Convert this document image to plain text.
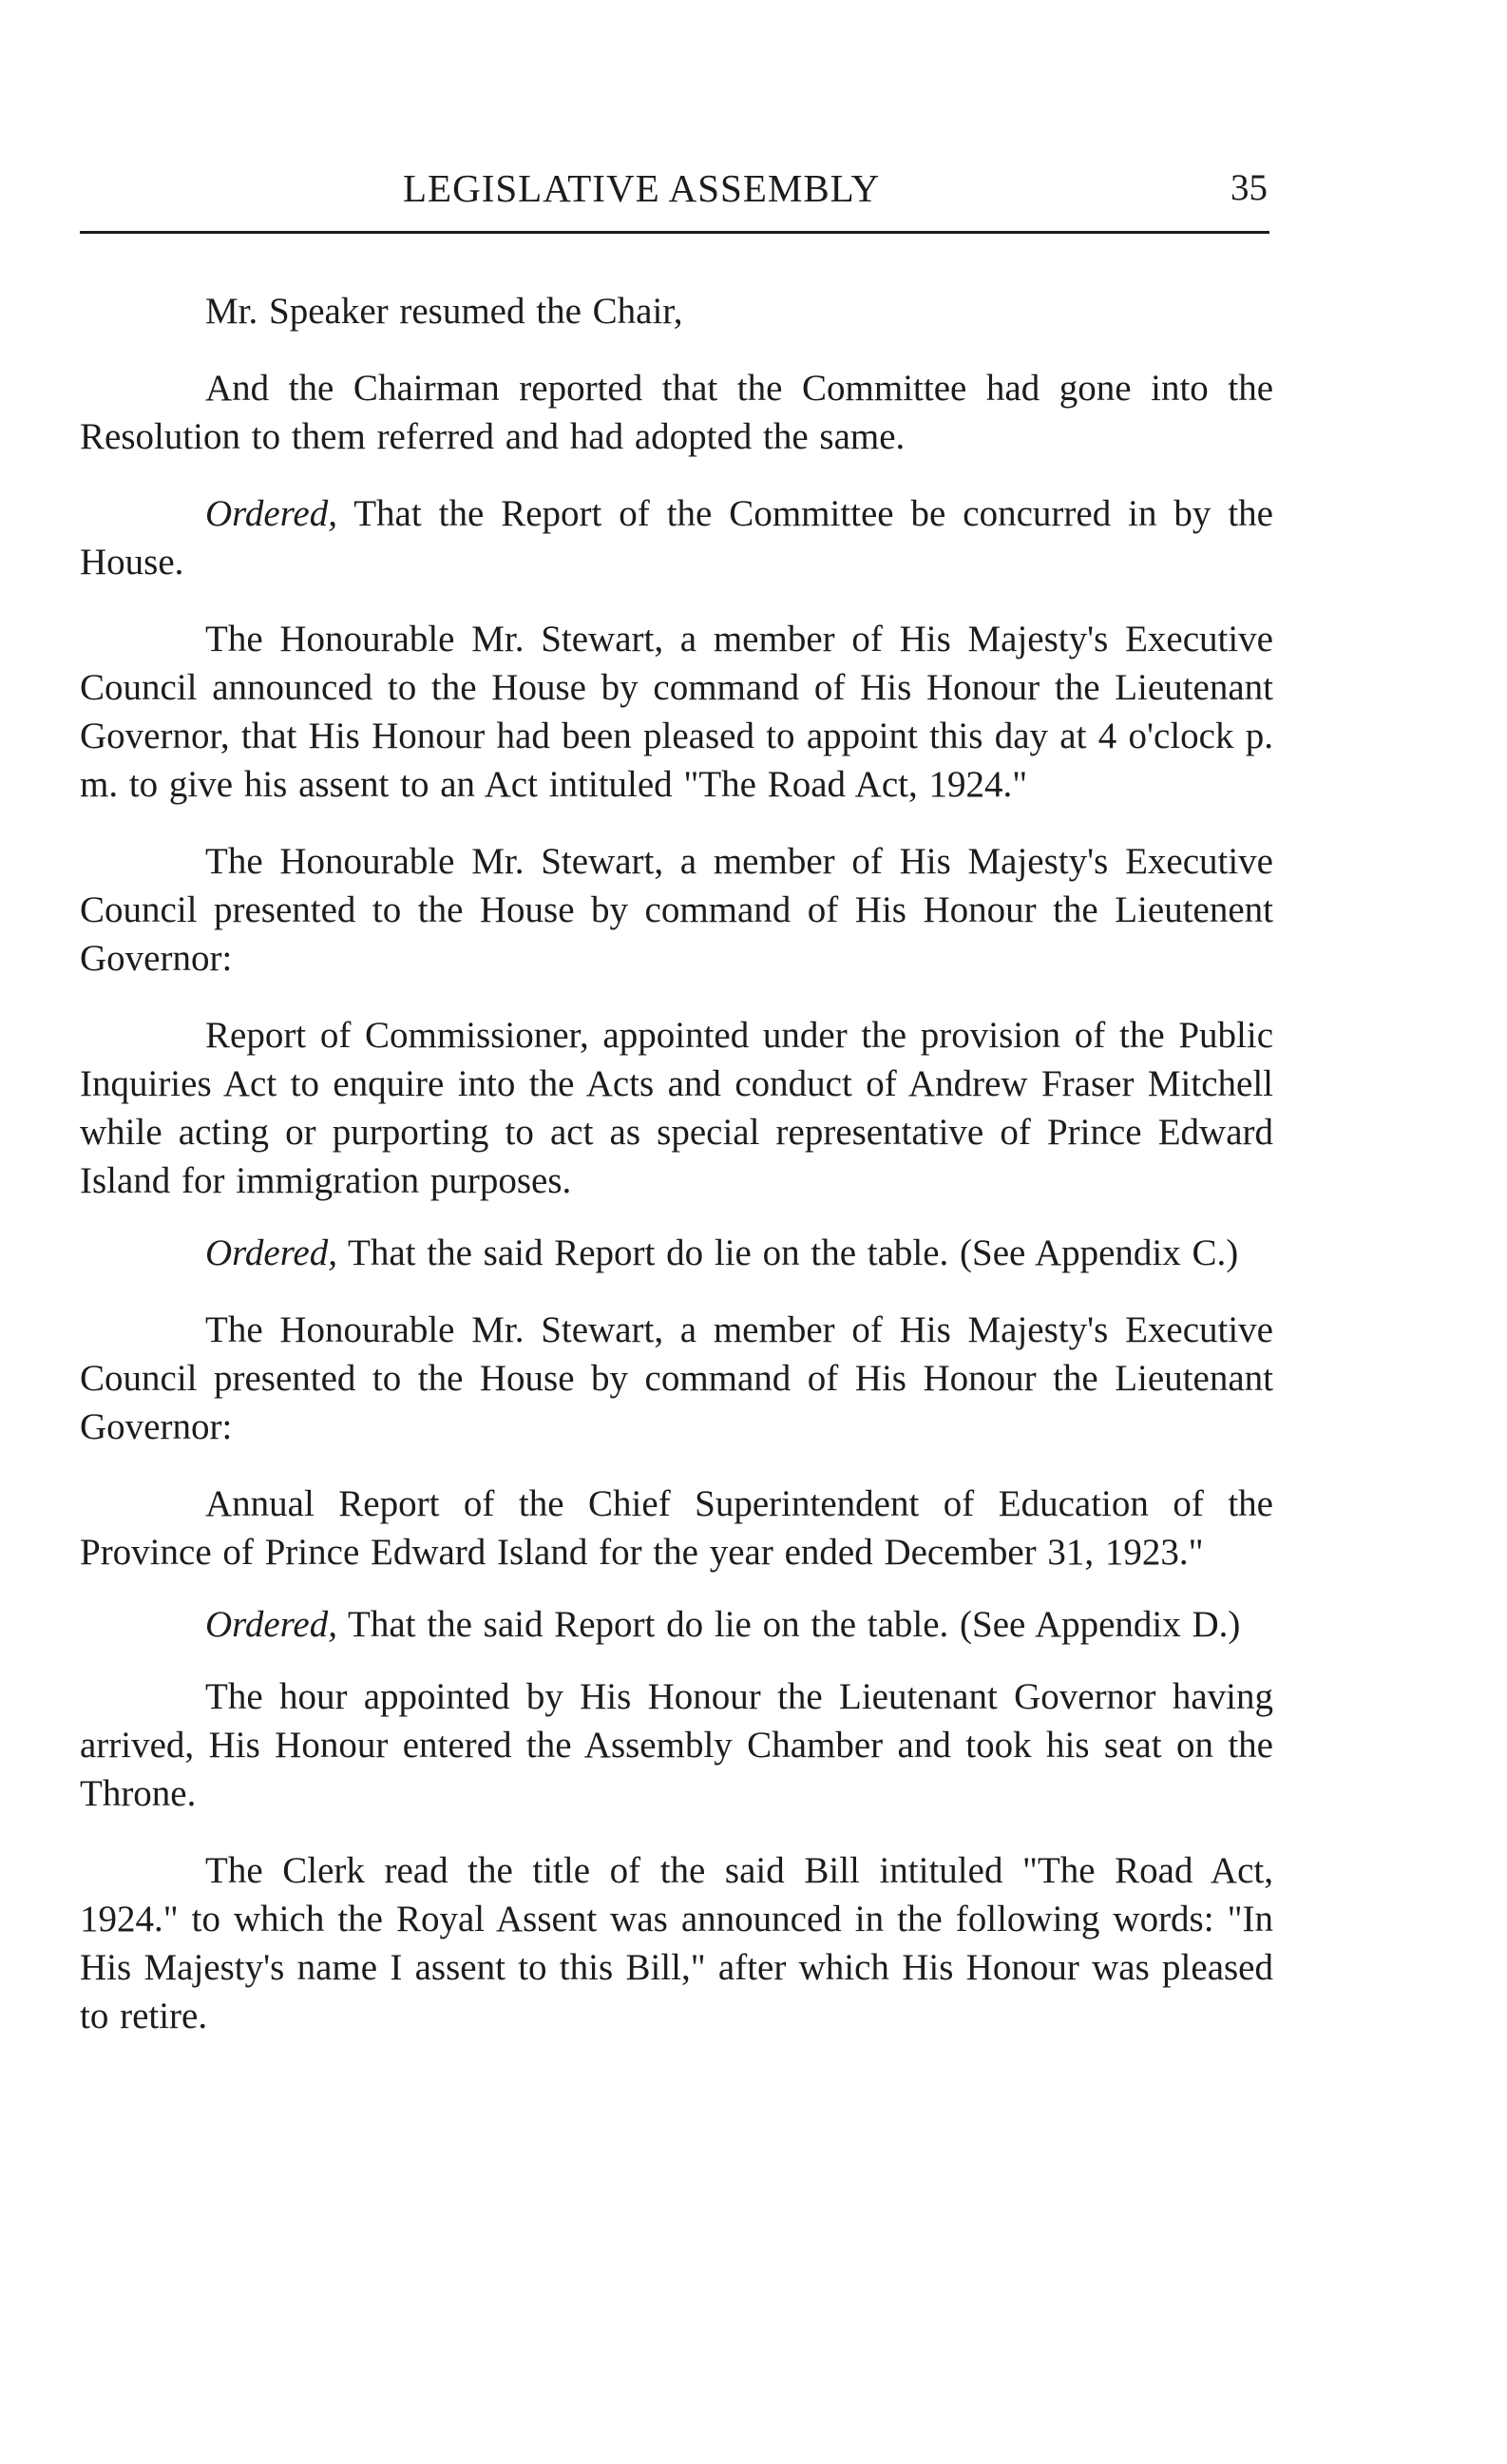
LEGISLATIVE ASSEMBLY	35

Mr. Speaker resumed the Chair,

And the Chairman reported that the Committee had gone into the Resolution to them referred and had adopted the same.

Ordered, That the Report of the Committee be concurred in by the House.

The Honourable Mr. Stewart, a member of His Majesty's Executive Council announced to the House by command of His Honour the Lieutenant Governor, that His Honour had been pleased to appoint this day at 4 o'clock p. m. to give his assent to an Act intituled "The Road Act, 1924."

The Honourable Mr. Stewart, a member of His Majesty's Executive Council presented to the House by command of His Honour the Lieutenent Governor:

Report of Commissioner, appointed under the provision of the Public Inquiries Act to enquire into the Acts and conduct of Andrew Fraser Mitchell while acting or purporting to act as special representative of Prince Edward Island for immigration purposes.

Ordered, That the said Report do lie on the table. (See Appendix C.)

The Honourable Mr. Stewart, a member of His Majesty's Executive Council presented to the House by command of His Honour the Lieutenant Governor:

Annual Report of the Chief Superintendent of Education of the Province of Prince Edward Island for the year ended December 31, 1923."

Ordered, That the said Report do lie on the table. (See Appendix D.)

The hour appointed by His Honour the Lieutenant Governor having arrived, His Honour entered the Assembly Chamber and took his seat on the Throne.

The Clerk read the title of the said Bill intituled "The Road Act, 1924." to which the Royal Assent was announced in the following words: "In His Majesty's name I assent to this Bill," after which His Honour was pleased to retire.
